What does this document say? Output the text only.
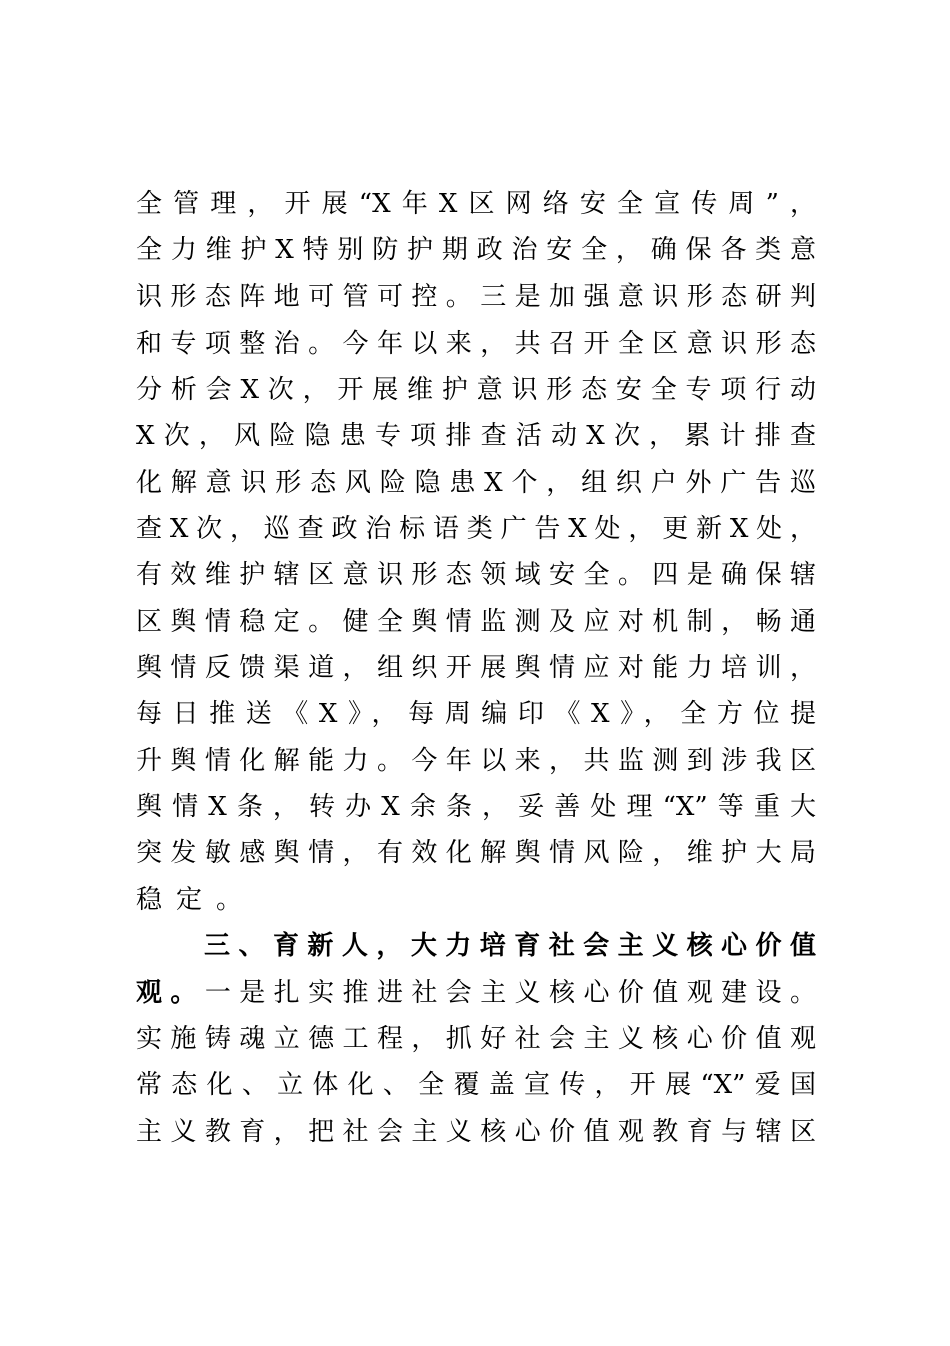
全管理，开展“X年X区网络安全宣传周”，
全力维护X特别防护期政治安全，确保各类意
识形态阵地可管可控。三是加强意识形态研判
和专项整治。今年以来，共召开全区意识形态
分析会X次，开展维护意识形态安全专项行动
X次，风险隐患专项排查活动X次，累计排查
化解意识形态风险隐患X个，组织户外广告巡
查X次，巡查政治标语类广告X处，更新X处，
有效维护辖区意识形态领域安全。四是确保辖
区舆情稳定。健全舆情监测及应对机制，畅通
舆情反馈渠道，组织开展舆情应对能力培训，
每日推送《X》，每周编印《X》，全方位提
升舆情化解能力。今年以来，共监测到涉我区
舆情X条，转办X余条，妥善处理“X”等重大
突发敏感舆情，有效化解舆情风险，维护大局
稳定。
三、育新人，大力培育社会主义核心价值
观。一是扎实推进社会主义核心价值观建设。
实施铸魂立德工程，抓好社会主义核心价值观
常态化、立体化、全覆盖宣传，开展“X”爱国
主义教育，把社会主义核心价值观教育与辖区
